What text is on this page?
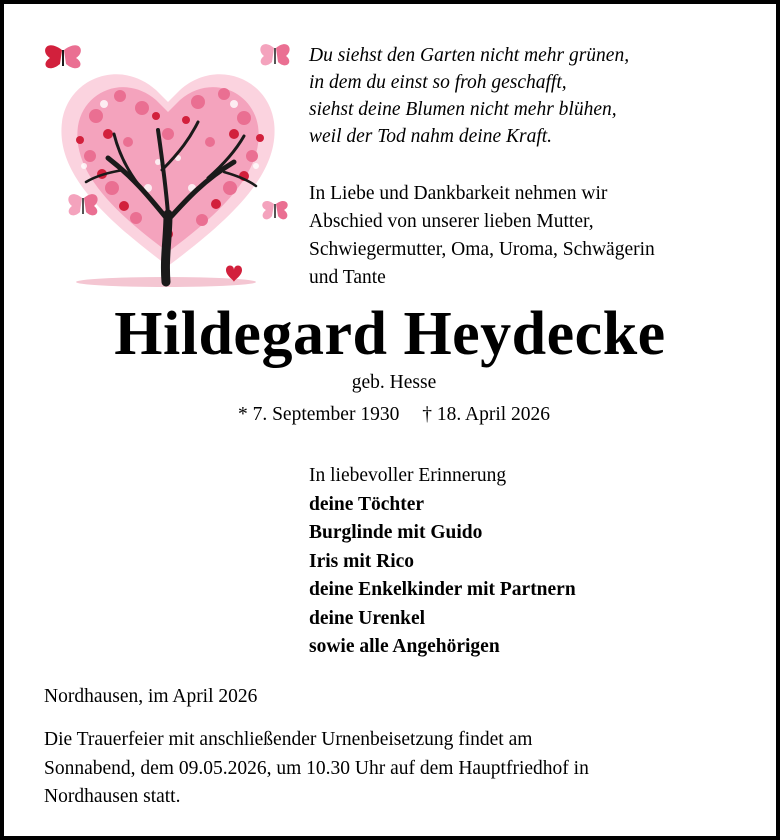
Du siehst den Garten nicht mehr grünen,
in dem du einst so froh geschafft,
siehst deine Blumen nicht mehr blühen,
weil der Tod nahm deine Kraft.
In Liebe und Dankbarkeit nehmen wir
Abschied von unserer lieben Mutter,
Schwiegermutter, Oma, Uroma, Schwägerin
und Tante
Hildegard Heydecke
geb. Hesse
* 7. September 1930 † 18. April 2026
In liebevoller Erinnerung
deine Töchter
Burglinde mit Guido
Iris mit Rico
deine Enkelkinder mit Partnern
deine Urenkel
sowie alle Angehörigen
Nordhausen, im April 2026
Die Trauerfeier mit anschließender Urnenbeisetzung findet am
Sonnabend, dem 09.05.2026, um 10.30 Uhr auf dem Hauptfriedhof in
Nordhausen statt.
